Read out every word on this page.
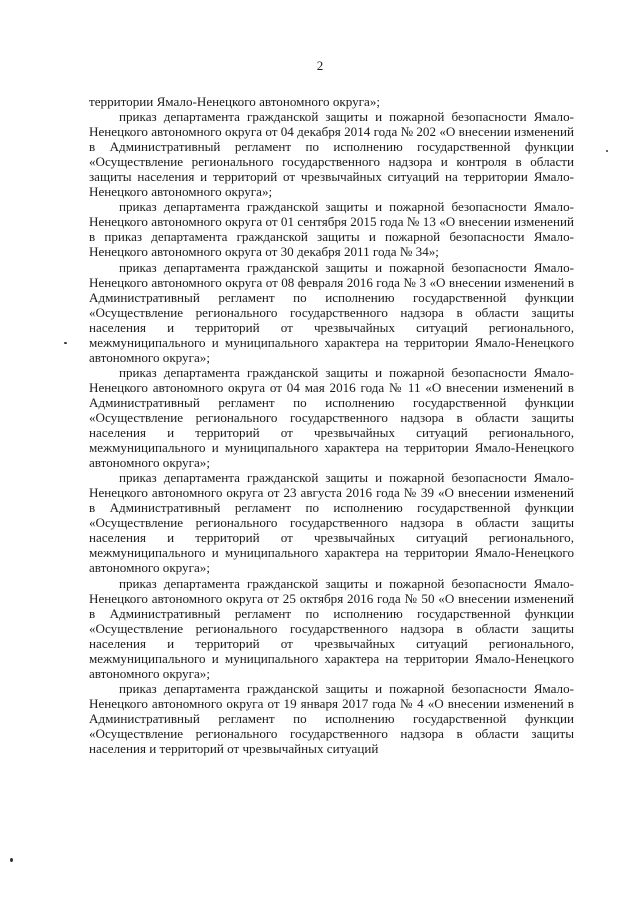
2

территории Ямало-Ненецкого автономного округа»;

приказ департамента гражданской защиты и пожарной безопасности Ямало-Ненецкого автономного округа от 04 декабря 2014 года № 202 «О внесении изменений в Административный регламент по исполнению государственной функции «Осуществление регионального государственного надзора и контроля в области защиты населения и территорий от чрезвычайных ситуаций на территории Ямало-Ненецкого автономного округа»;

приказ департамента гражданской защиты и пожарной безопасности Ямало-Ненецкого автономного округа от 01 сентября 2015 года № 13 «О внесении изменений в приказ департамента гражданской защиты и пожарной безопасности Ямало-Ненецкого автономного округа от 30 декабря 2011 года № 34»;

приказ департамента гражданской защиты и пожарной безопасности Ямало-Ненецкого автономного округа от 08 февраля 2016 года № 3 «О внесении изменений в Административный регламент по исполнению государственной функции «Осуществление регионального государственного надзора в области защиты населения и территорий от чрезвычайных ситуаций регионального, межмуниципального и муниципального характера на территории Ямало-Ненецкого автономного округа»;

приказ департамента гражданской защиты и пожарной безопасности Ямало-Ненецкого автономного округа от 04 мая 2016 года № 11 «О внесении изменений в Административный регламент по исполнению государственной функции «Осуществление регионального государственного надзора в области защиты населения и территорий от чрезвычайных ситуаций регионального, межмуниципального и муниципального характера на территории Ямало-Ненецкого автономного округа»;

приказ департамента гражданской защиты и пожарной безопасности Ямало-Ненецкого автономного округа от 23 августа 2016 года № 39 «О внесении изменений в Административный регламент по исполнению государственной функции «Осуществление регионального государственного надзора в области защиты населения и территорий от чрезвычайных ситуаций регионального, межмуниципального и муниципального характера на территории Ямало-Ненецкого автономного округа»;

приказ департамента гражданской защиты и пожарной безопасности Ямало-Ненецкого автономного округа от 25 октября 2016 года № 50 «О внесении изменений в Административный регламент по исполнению государственной функции «Осуществление регионального государственного надзора в области защиты населения и территорий от чрезвычайных ситуаций регионального, межмуниципального и муниципального характера на территории Ямало-Ненецкого автономного округа»;

приказ департамента гражданской защиты и пожарной безопасности Ямало-Ненецкого автономного округа от 19 января 2017 года № 4 «О внесении изменений в Административный регламент по исполнению государственной функции «Осуществление регионального государственного надзора в области защиты населения и территорий от чрезвычайных ситуаций
